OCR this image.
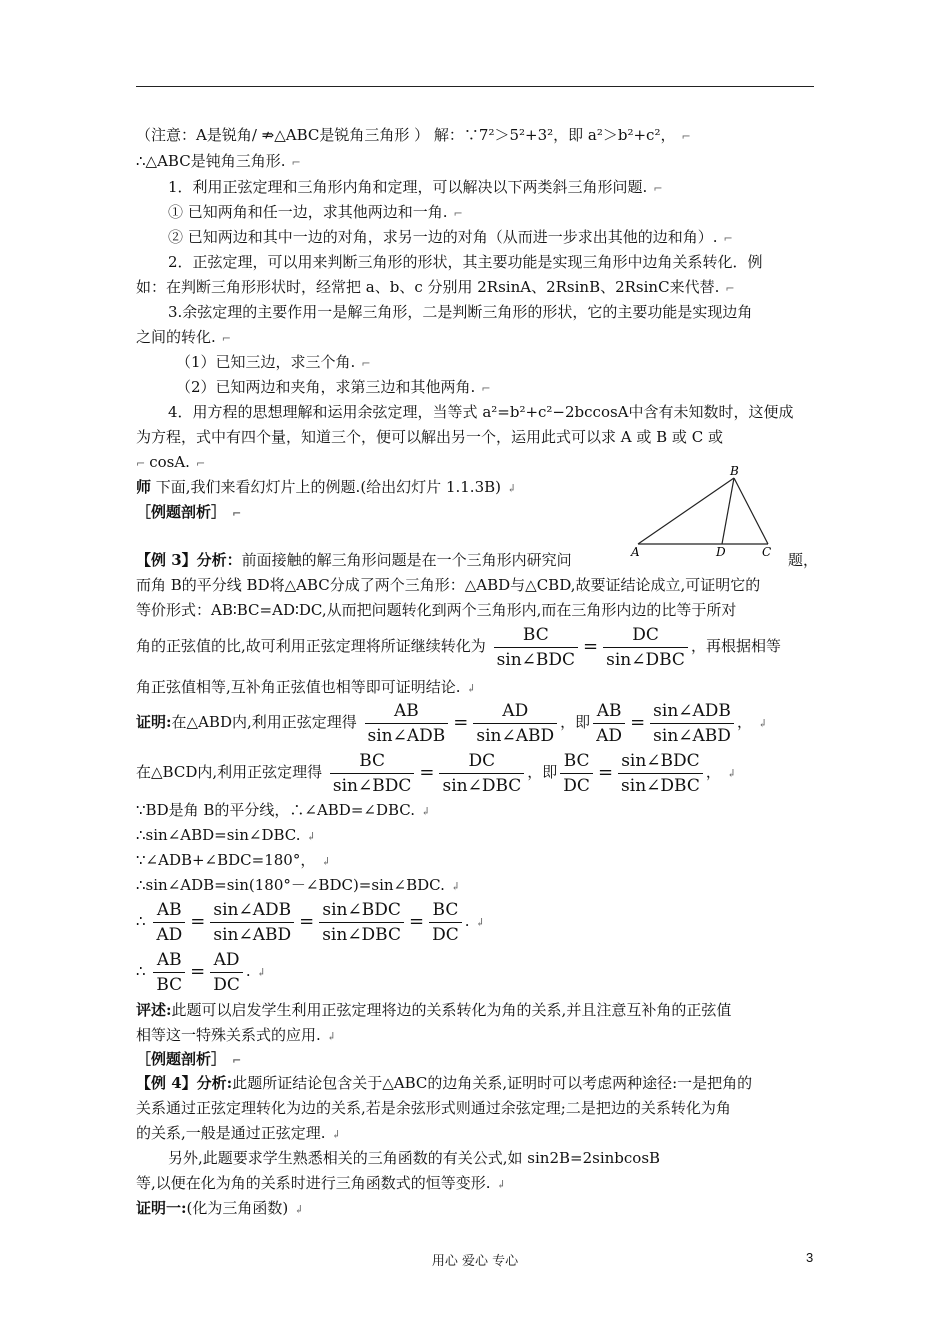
（注意：A是锐角/ ⇏△ABC是锐角三角形 ） 解：∵7²＞5²+3²，即 a²＞b²+c²， ⌐
∴△ABC是钝角三角形. ⌐
1．利用正弦定理和三角形内角和定理，可以解决以下两类斜三角形问题. ⌐
① 已知两角和任一边，求其他两边和一角. ⌐
② 已知两边和其中一边的对角，求另一边的对角（从而进一步求出其他的边和角）. ⌐
2．正弦定理，可以用来判断三角形的形状，其主要功能是实现三角形中边角关系转化．例
如：在判断三角形形状时，经常把 a、b、c 分别用 2RsinA、2RsinB、2RsinC来代替. ⌐
3.余弦定理的主要作用一是解三角形，二是判断三角形的形状，它的主要功能是实现边角
之间的转化. ⌐
（1）已知三边，求三个角. ⌐
（2）已知两边和夹角，求第三边和其他两角. ⌐
4．用方程的思想理解和运用余弦定理，当等式 a²=b²+c²−2bccosA中含有未知数时，这便成
为方程，式中有四个量，知道三个，便可以解出另一个，运用此式可以求 A 或 B 或 C 或
⌐ cosA. ⌐
师 下面,我们来看幻灯片上的例题.(给出幻灯片 1.1.3B) ↲
［例题剖析］ ⌐
B
A	D	C
【例 3】分析：前面接触的解三角形问题是在一个三角形内研究问	题，
而角 B的平分线 BD将△ABC分成了两个三角形：△ABD与△CBD,故要证结论成立,可证明它的
等价形式：AB∶BC=AD∶DC,从而把问题转化到两个三角形内,而在三角形内边的比等于所对
角的正弦值的比,故可利用正弦定理将所证继续转化为 $\frac{BC}{\text{sin∠BDC}} = \frac{DC}{\text{sin∠DBC}}$ ，再根据相等
角正弦值相等,互补角正弦值也相等即可证明结论. ↲
证明:在△ABD内,利用正弦定理得 $\frac{AB}{\text{sin∠ADB}} = \frac{AD}{\text{sin∠ABD}}$ ，即 $\frac{AB}{AD} = \frac{\text{sin∠ADB}}{\text{sin∠ABD}}$ ， ↲
在△BCD内,利用正弦定理得 $\frac{BC}{\text{sin∠BDC}} = \frac{DC}{\text{sin∠DBC}}$ ，即 $\frac{BC}{DC} = \frac{\text{sin∠BDC}}{\text{sin∠DBC}}$ ， ↲
∵BD是角 B的平分线，∴∠ABD=∠DBC. ↲
∴sin∠ABD=sin∠DBC. ↲
∵∠ADB+∠BDC=180°， ↲
∴sin∠ADB=sin(180°－∠BDC)=sin∠BDC. ↲
∴ $\frac{AB}{AD} = \frac{\text{sin∠ADB}}{\text{sin∠ABD}} = \frac{\text{sin∠BDC}}{\text{sin∠DBC}} = \frac{BC}{DC}$ . ↲
∴ $\frac{AB}{BC} = \frac{AD}{DC}$ . ↲
评述:此题可以启发学生利用正弦定理将边的关系转化为角的关系,并且注意互补角的正弦值
相等这一特殊关系式的应用. ↲
［例题剖析］ ⌐
【例 4】分析:此题所证结论包含关于△ABC的边角关系,证明时可以考虑两种途径:一是把角的
关系通过正弦定理转化为边的关系,若是余弦形式则通过余弦定理;二是把边的关系转化为角
的关系,一般是通过正弦定理. ↲
另外,此题要求学生熟悉相关的三角函数的有关公式,如 sin2B=2sinbcosB
等,以便在化为角的关系时进行三角函数式的恒等变形. ↲
证明一:(化为三角函数) ↲
用心 爱心 专心	3
